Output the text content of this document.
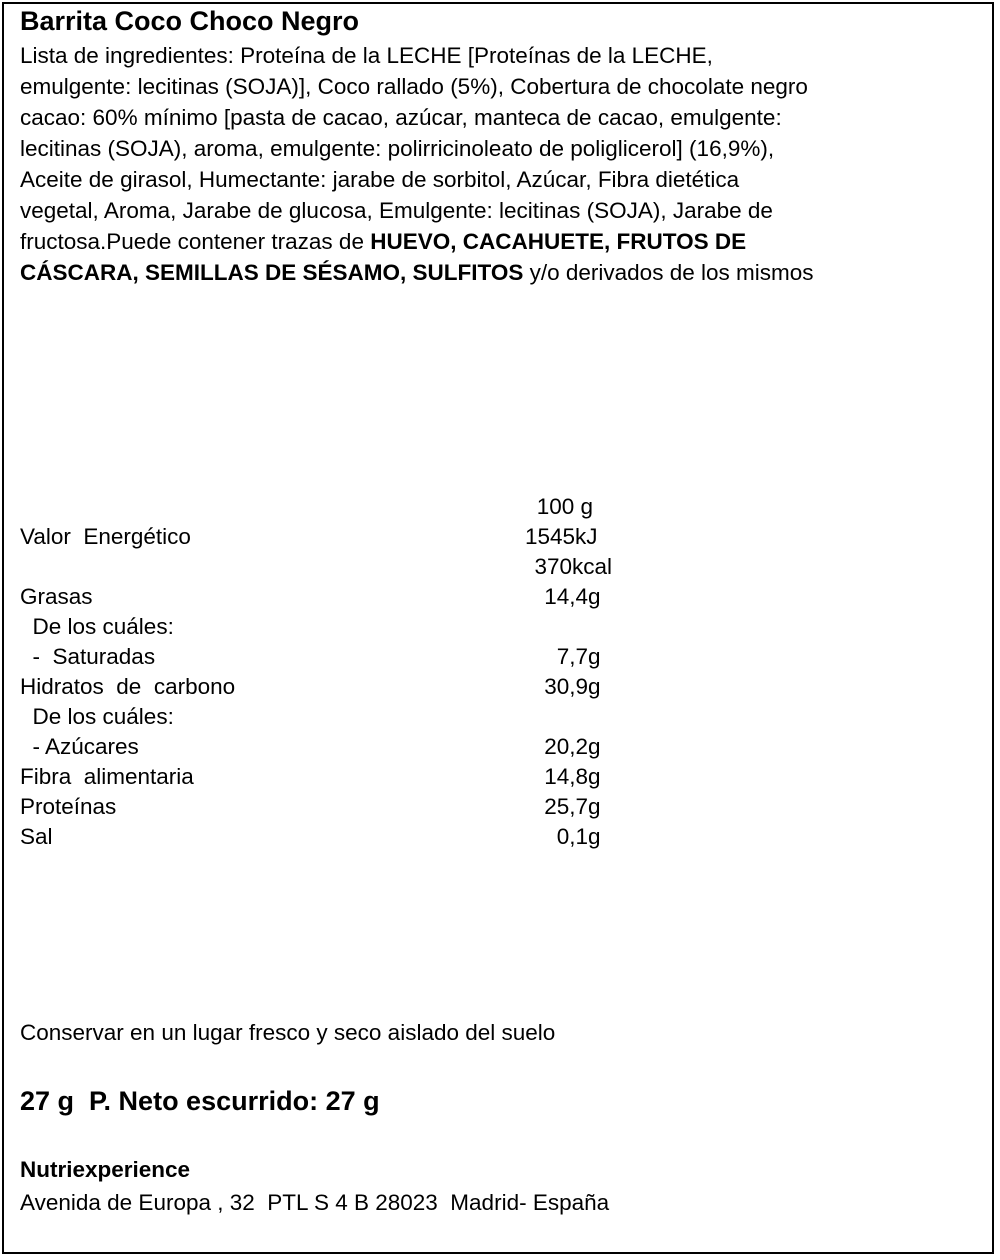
Barrita Coco Choco Negro
Lista de ingredientes: Proteína de la LECHE [Proteínas de la LECHE,
emulgente: lecitinas (SOJA)], Coco rallado (5%), Cobertura de chocolate negro
cacao: 60% mínimo [pasta de cacao, azúcar, manteca de cacao, emulgente:
lecitinas (SOJA), aroma, emulgente: polirricinoleato de poliglicerol] (16,9%),
Aceite de girasol, Humectante: jarabe de sorbitol, Azúcar, Fibra dietética
vegetal, Aroma, Jarabe de glucosa, Emulgente: lecitinas (SOJA), Jarabe de
fructosa.Puede contener trazas de HUEVO, CACAHUETE, FRUTOS DE
CÁSCARA, SEMILLAS DE SÉSAMO, SULFITOS y/o derivados de los mismos
100 g
Valor  Energético	1545 kJ
370 kcal
Grasas	14,4 g
De los cuáles:
-  Saturadas	7,7 g
Hidratos  de  carbono	30,9 g
De los cuáles:
- Azúcares	20,2 g
Fibra  alimentaria	14,8 g
Proteínas	25,7 g
Sal	0,1 g
Conservar en un lugar fresco y seco aislado del suelo
27 g  P. Neto escurrido: 27 g
Nutriexperience
Avenida de Europa , 32  PTL S 4 B 28023  Madrid- España
